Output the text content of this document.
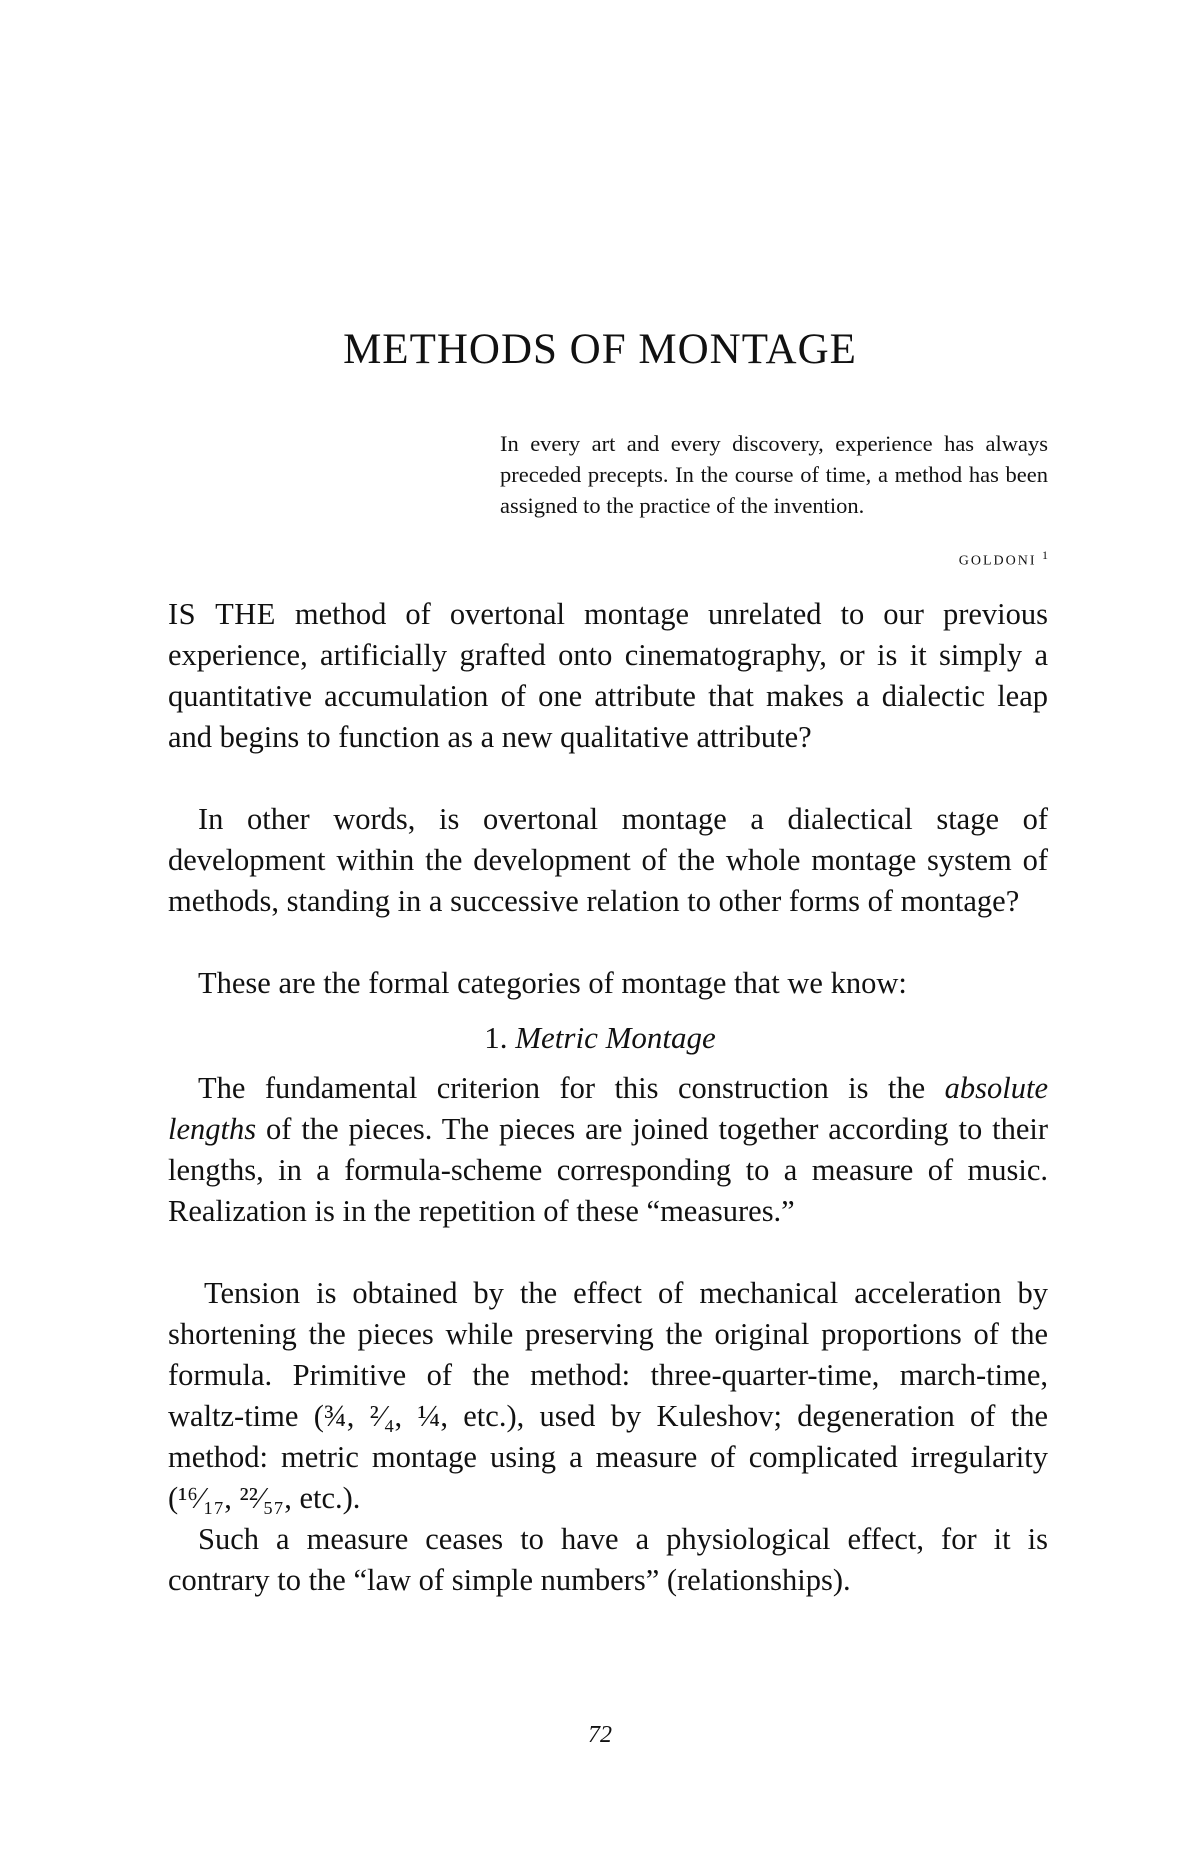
METHODS OF MONTAGE

In every art and every discovery, experience has always preceded precepts. In the course of time, a method has been assigned to the practice of the invention.

GOLDONI $^1$

IS THE method of overtonal montage unrelated to our previous experience, artificially grafted onto cinematography, or is it simply a quantitative accumulation of one attribute that makes a dialectic leap and begins to function as a new qualitative attribute?

In other words, is overtonal montage a dialectical stage of development within the development of the whole montage system of methods, standing in a successive relation to other forms of montage?

These are the formal categories of montage that we know:

1. Metric Montage

The fundamental criterion for this construction is the absolute lengths of the pieces. The pieces are joined together according to their lengths, in a formula-scheme corresponding to a measure of music. Realization is in the repetition of these “measures.”

Tension is obtained by the effect of mechanical acceleration by shortening the pieces while preserving the original proportions of the formula. Primitive of the method: three-quarter-time, march-time, waltz-time (¾, ²⁄₄, ¼, etc.), used by Kuleshov; degeneration of the method: metric montage using a measure of complicated irregularity (¹⁶⁄₁₇, ²²⁄₅₇, etc.).

Such a measure ceases to have a physiological effect, for it is contrary to the “law of simple numbers” (relationships).

72
